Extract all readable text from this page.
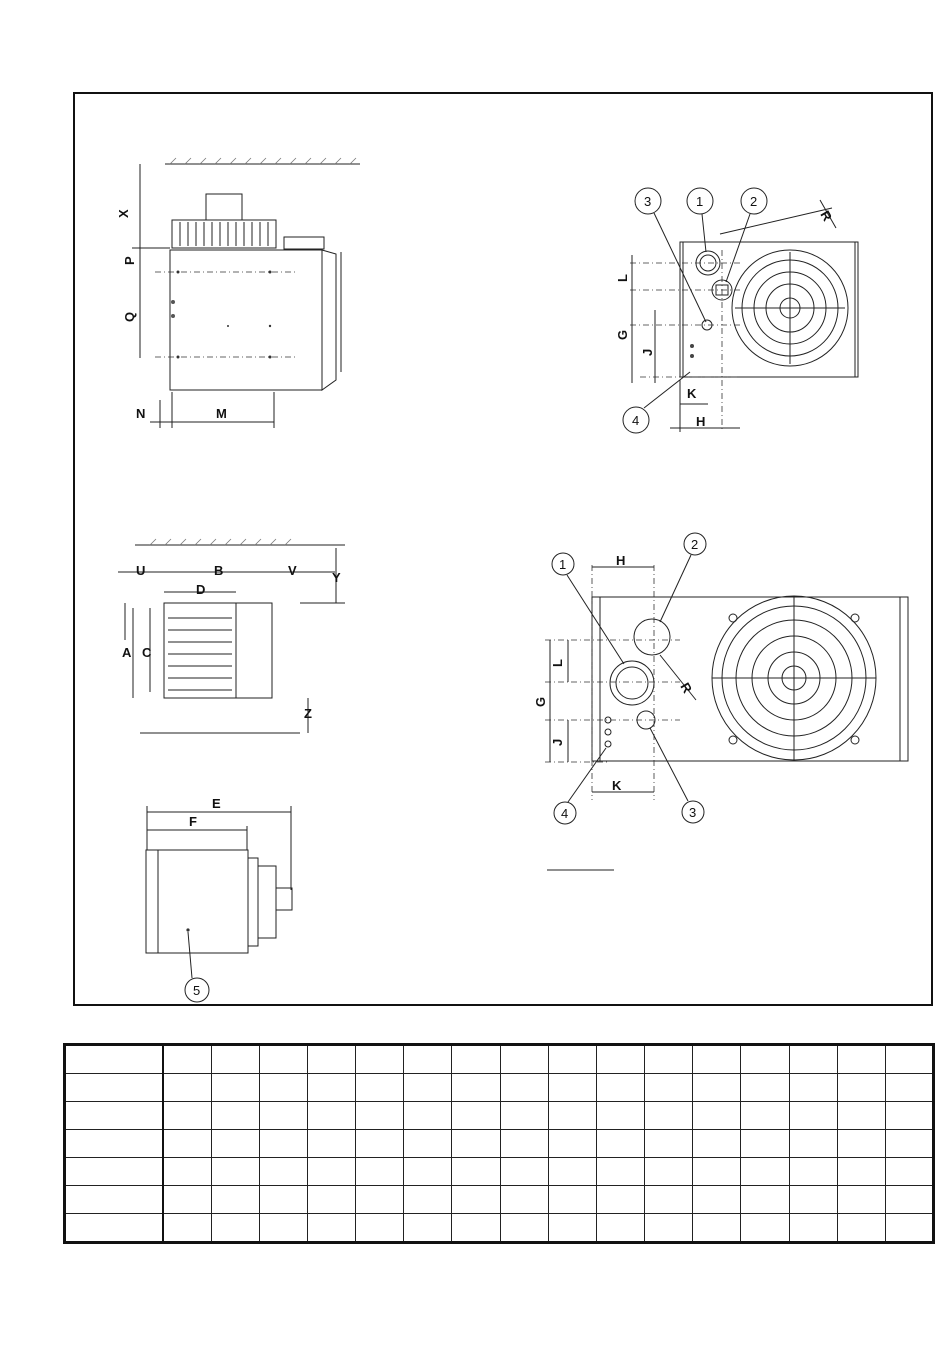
X
P
Q
N	M
L
G
J
K
H
R
3	1	2
4
U	B	V
D
A C
Y
Z
5
E
F
H
K
L
G
J
R
1
2
4	3
